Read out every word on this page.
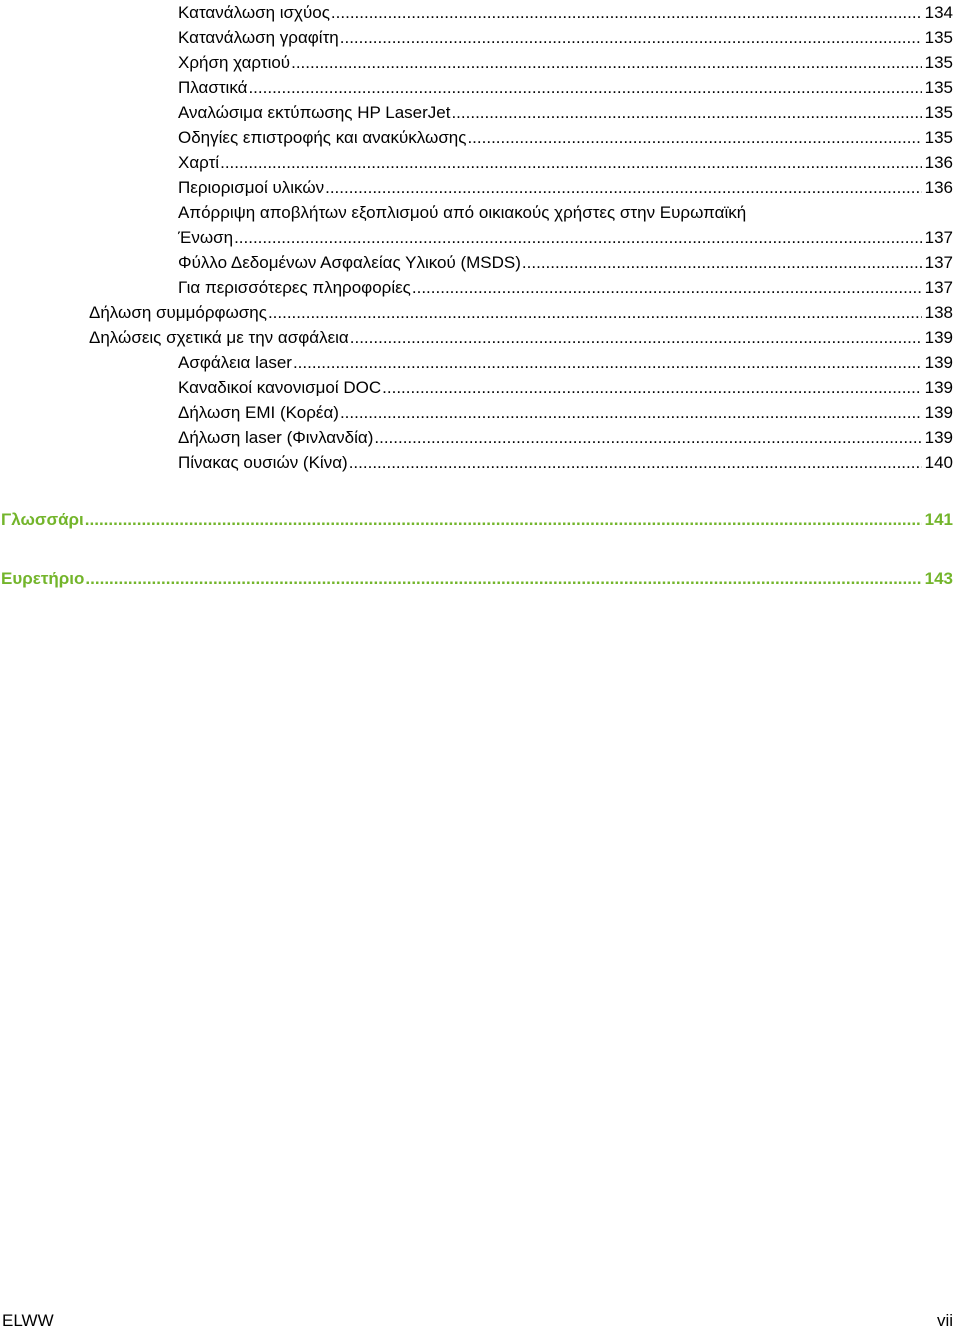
Κατανάλωση ισχύος .....	134
Κατανάλωση γραφίτη .....	135
Χρήση χαρτιού .....	135
Πλαστικά .....	135
Αναλώσιμα εκτύπωσης HP LaserJet .....	135
Οδηγίες επιστροφής και ανακύκλωσης .....	135
Χαρτί .....	136
Περιορισμοί υλικών .....	136
Απόρριψη αποβλήτων εξοπλισμού από οικιακούς χρήστες στην Ευρωπαϊκή
Ένωση .....	137
Φύλλο Δεδομένων Ασφαλείας Υλικού (MSDS) .....	137
Για περισσότερες πληροφορίες .....	137
Δήλωση συμμόρφωσης .....	138
Δηλώσεις σχετικά με την ασφάλεια .....	139
Ασφάλεια laser .....	139
Καναδικοί κανονισμοί DOC .....	139
Δήλωση EMI (Κορέα) .....	139
Δήλωση laser (Φινλανδία) .....	139
Πίνακας ουσιών (Κίνα) .....	140
Γλωσσάρι .....	141
Ευρετήριο .....	143
ELWW	vii
